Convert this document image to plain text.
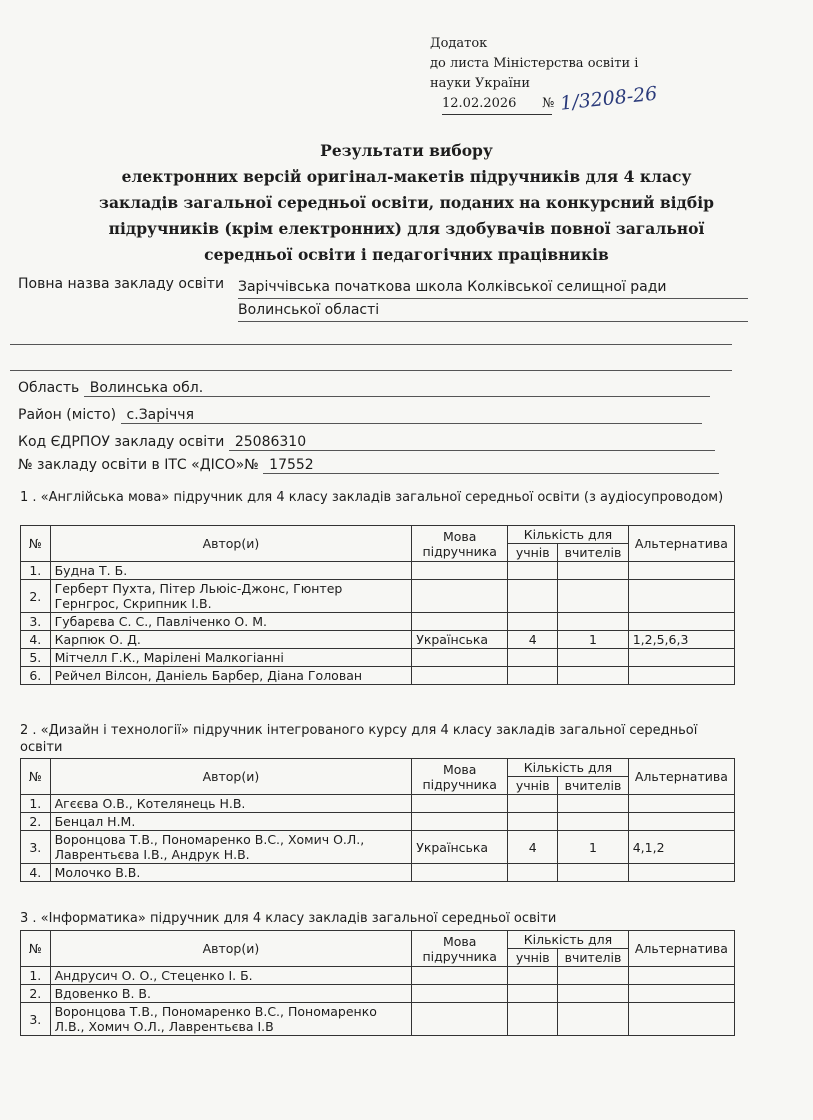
Додаток
до листа Міністерства освіти і
науки України
12.02.2026	№ 1/3208-26
Результати вибору
електронних версій оригінал-макетів підручників для 4 класу
закладів загальної середньої освіти, поданих на конкурсний відбір
підручників (крім електронних) для здобувачів повної загальної
середньої освіти і педагогічних працівників
Повна назва закладу освіти Заріччівська початкова школа Колківської селищної ради
Волинської області
Область Волинська обл.
Район (місто) с.Заріччя
Код ЄДРПОУ закладу освіти 25086310
№ закладу освіти в ІТС «ДІСО»№ 17552
1 . «Англійська мова» підручник для 4 класу закладів загальної середньої освіти (з аудіосупроводом)
№	Автор(и)	Мова підручника	Кількість для		Альтернатива
			учнів	вчителів	
1.	Будна Т. Б.				
2.	Герберт Пухта, Пітер Льюіс-Джонс, Гюнтер Гернгрос, Скрипник І.В.				
3.	Губарєва С. С., Павліченко О. М.				
4.	Карпюк О. Д.	Українська	4	1	1,2,5,6,3
5.	Мітчелл Г.К., Марілені Малкогіанні				
6.	Рейчел Вілсон, Даніель Барбер, Діана Голован				
2 . «Дизайн і технології» підручник інтегрованого курсу для 4 класу закладів загальної середньої освіти
№	Автор(и)	Мова підручника	Кількість для		Альтернатива
			учнів	вчителів	
1.	Агєєва О.В., Котелянець Н.В.				
2.	Бенцал Н.М.				
3.	Воронцова Т.В., Пономаренко В.С., Хомич О.Л., Лаврентьєва І.В., Андрук Н.В.	Українська	4	1	4,1,2
4.	Молочко В.В.				
3 . «Інформатика» підручник для 4 класу закладів загальної середньої освіти
№	Автор(и)	Мова підручника	Кількість для		Альтернатива
			учнів	вчителів	
1.	Андрусич О. О., Стеценко І. Б.				
2.	Вдовенко В. В.				
3.	Воронцова Т.В., Пономаренко В.С., Пономаренко Л.В., Хомич О.Л., Лаврентьєва І.В				
